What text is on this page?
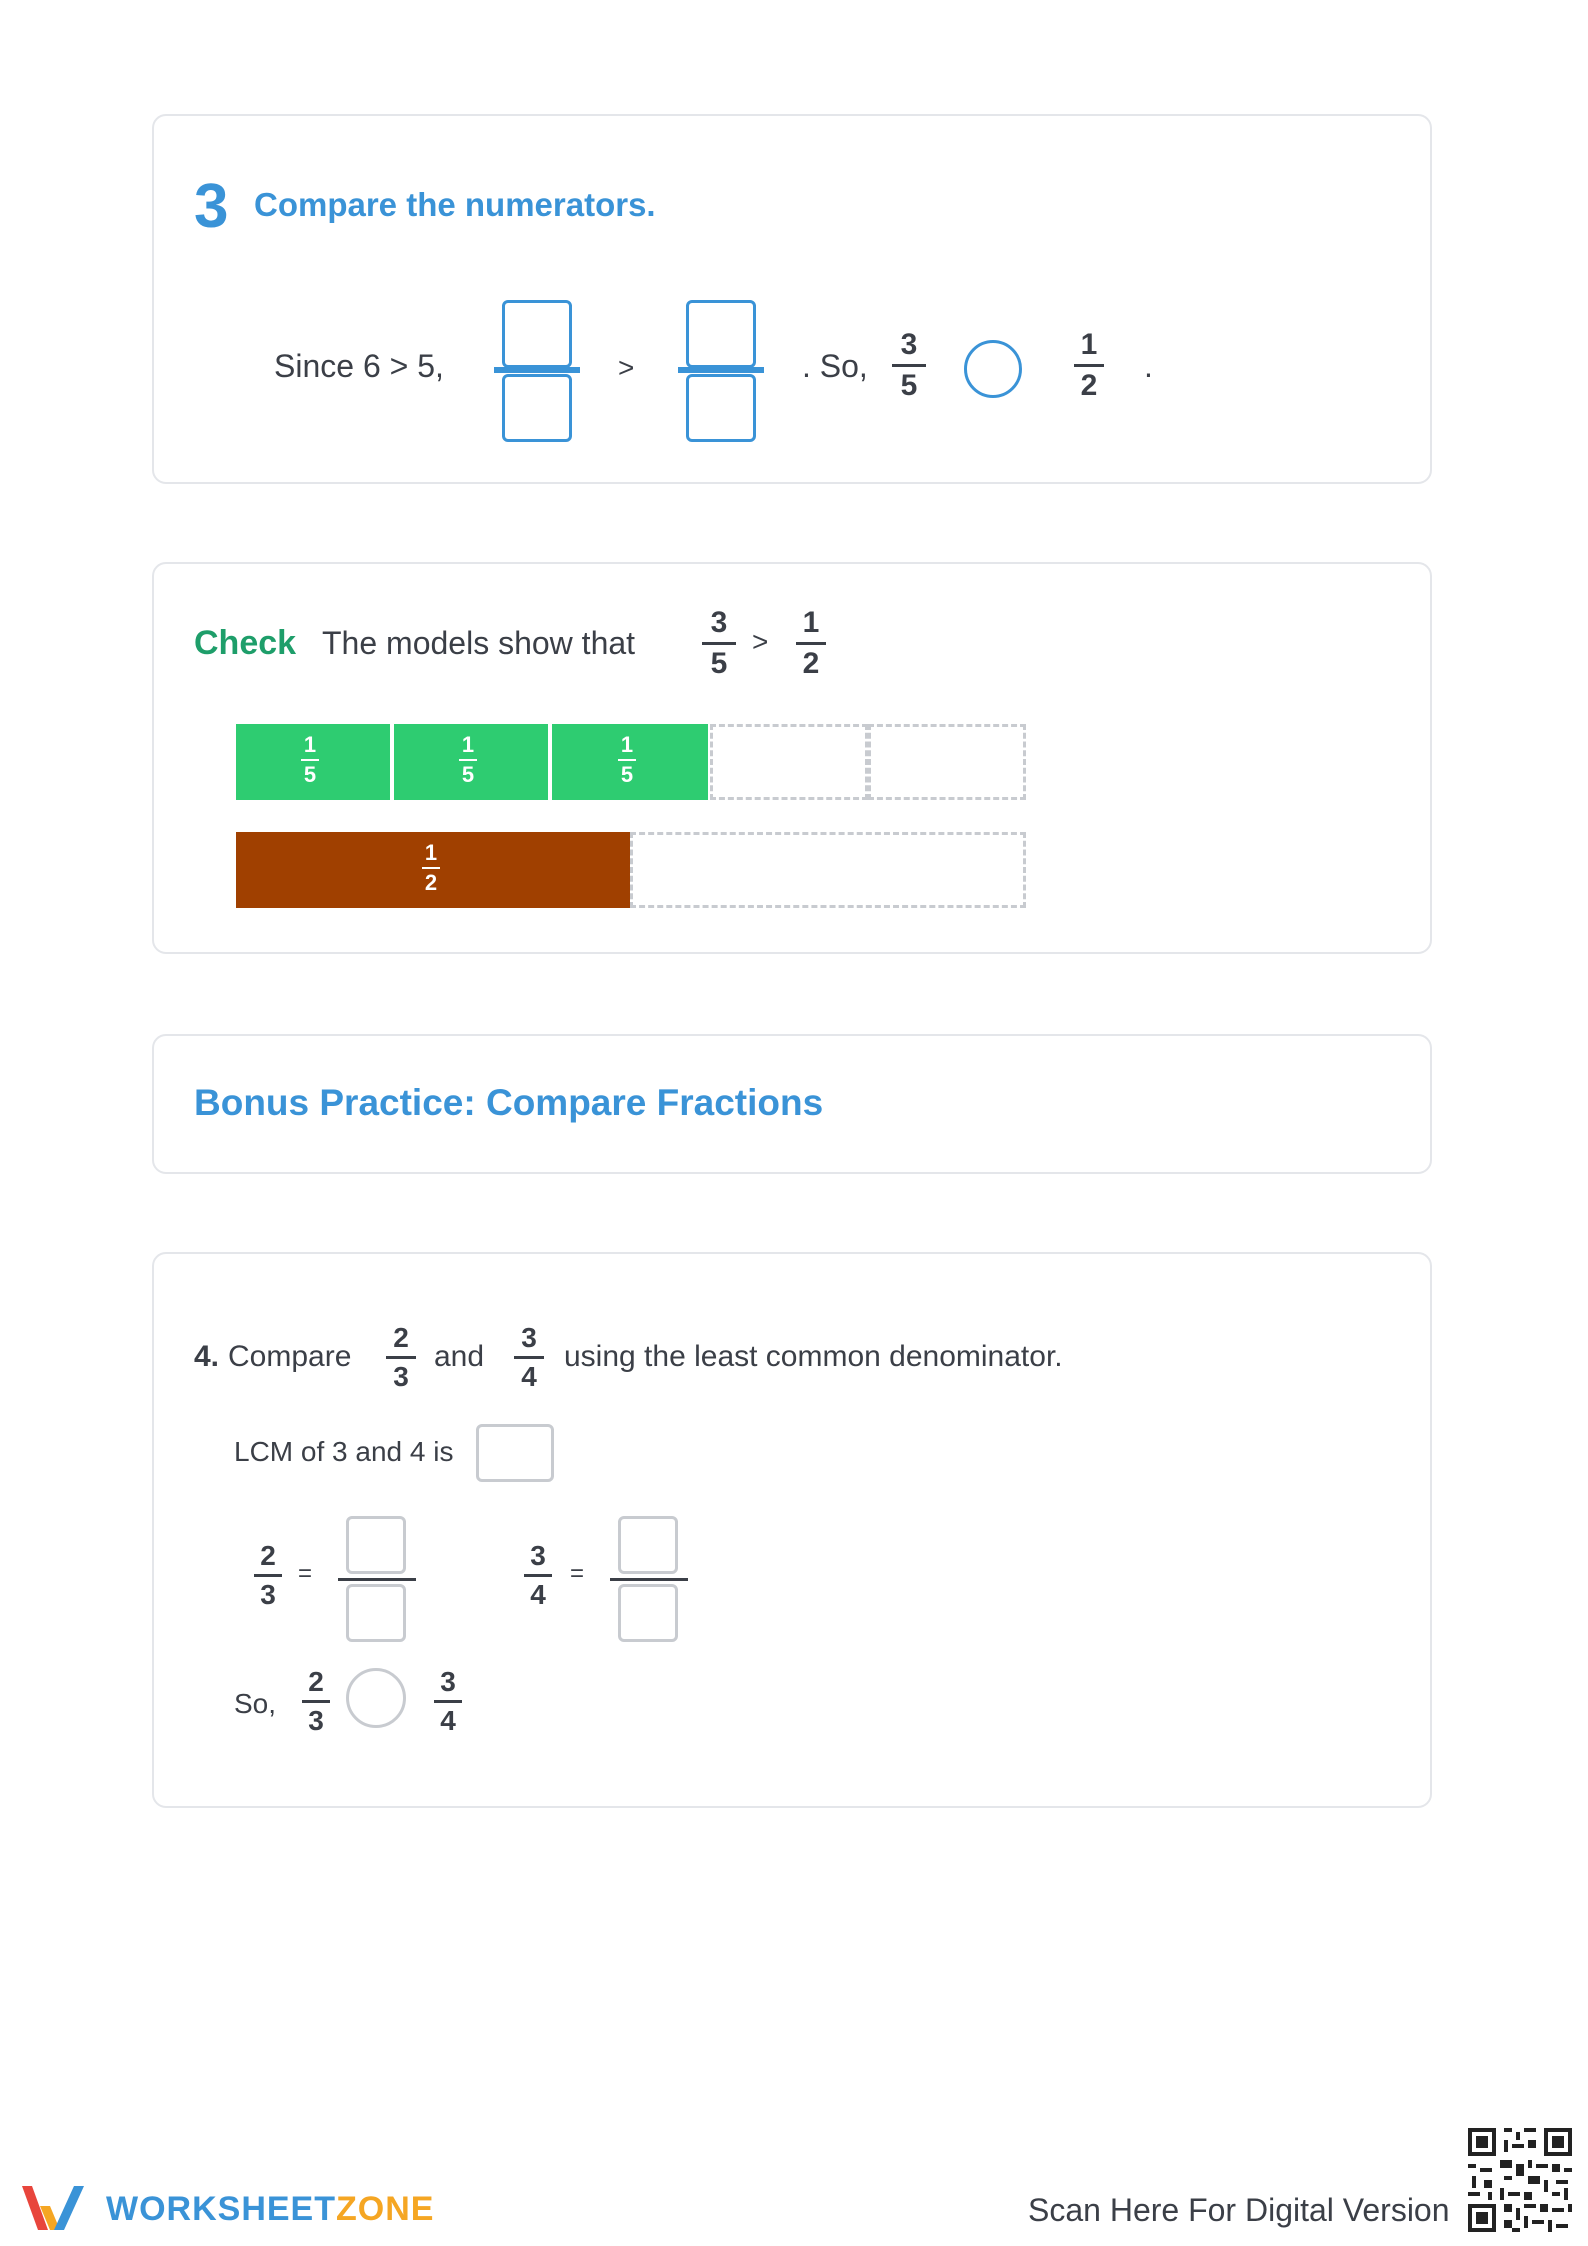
3 Compare the numerators.
Since 6 > 5,	>	. So,
3
5
1
2
.
Check The models show that
3
5
>
1
2
1
5
1
5
1
5
1
2
Bonus Practice: Compare Fractions
4. Compare
2
3
and
3
4
using the least common denominator.
LCM of 3 and 4 is
2
3
=
3
4
=
So,
2
3
3
4
WORKSHEETZONE	Scan Here For Digital Version
